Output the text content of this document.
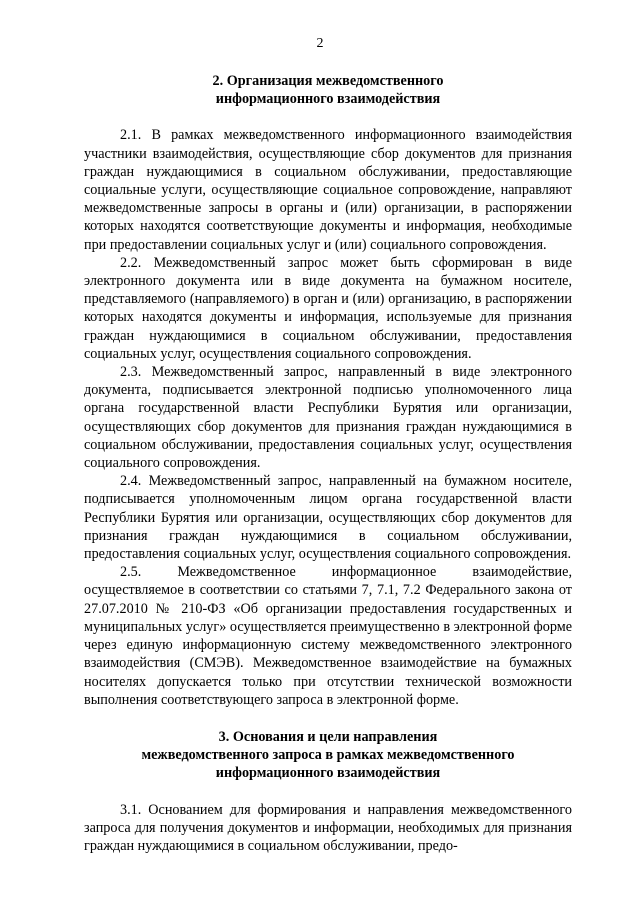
2
2. Организация межведомственного
информационного взаимодействия

2.1. В рамках межведомственного информационного взаимодействия участники взаимодействия, осуществляющие сбор документов для признания граждан нуждающимися в социальном обслуживании, предоставляющие социальные услуги, осуществляющие социальное сопровождение, направляют межведомственные запросы в органы и (или) организации, в распоряжении которых находятся соответствующие документы и информация, необходимые при предоставлении социальных услуг и (или) социального сопровождения.

2.2. Межведомственный запрос может быть сформирован в виде электронного документа или в виде документа на бумажном носителе, представляемого (направляемого) в орган и (или) организацию, в распоряжении которых находятся документы и информация, используемые для признания граждан нуждающимися в социальном обслуживании, предоставления социальных услуг, осуществления социального сопровождения.

2.3. Межведомственный запрос, направленный в виде электронного документа, подписывается электронной подписью уполномоченного лица органа государственной власти Республики Бурятия или организации, осуществляющих сбор документов для признания граждан нуждающимися в социальном обслуживании, предоставления социальных услуг, осуществления социального сопровождения.

2.4. Межведомственный запрос, направленный на бумажном носителе, подписывается уполномоченным лицом органа государственной власти Республики Бурятия или организации, осуществляющих сбор документов для признания граждан нуждающимися в социальном обслуживании, предоставления социальных услуг, осуществления социального сопровождения.

2.5. Межведомственное информационное взаимодействие, осуществляемое в соответствии со статьями 7, 7.1, 7.2 Федерального закона от 27.07.2010 № 210-ФЗ «Об организации предоставления государственных и муниципальных услуг» осуществляется преимущественно в электронной форме через единую информационную систему межведомственного электронного взаимодействия (СМЭВ). Межведомственное взаимодействие на бумажных носителях допускается только при отсутствии технической возможности выполнения соответствующего запроса в электронной форме.

3. Основания и цели направления
межведомственного запроса в рамках межведомственного
информационного взаимодействия

3.1. Основанием для формирования и направления межведомственного запроса для получения документов и информации, необходимых для признания граждан нуждающимися в социальном обслуживании, предо-
